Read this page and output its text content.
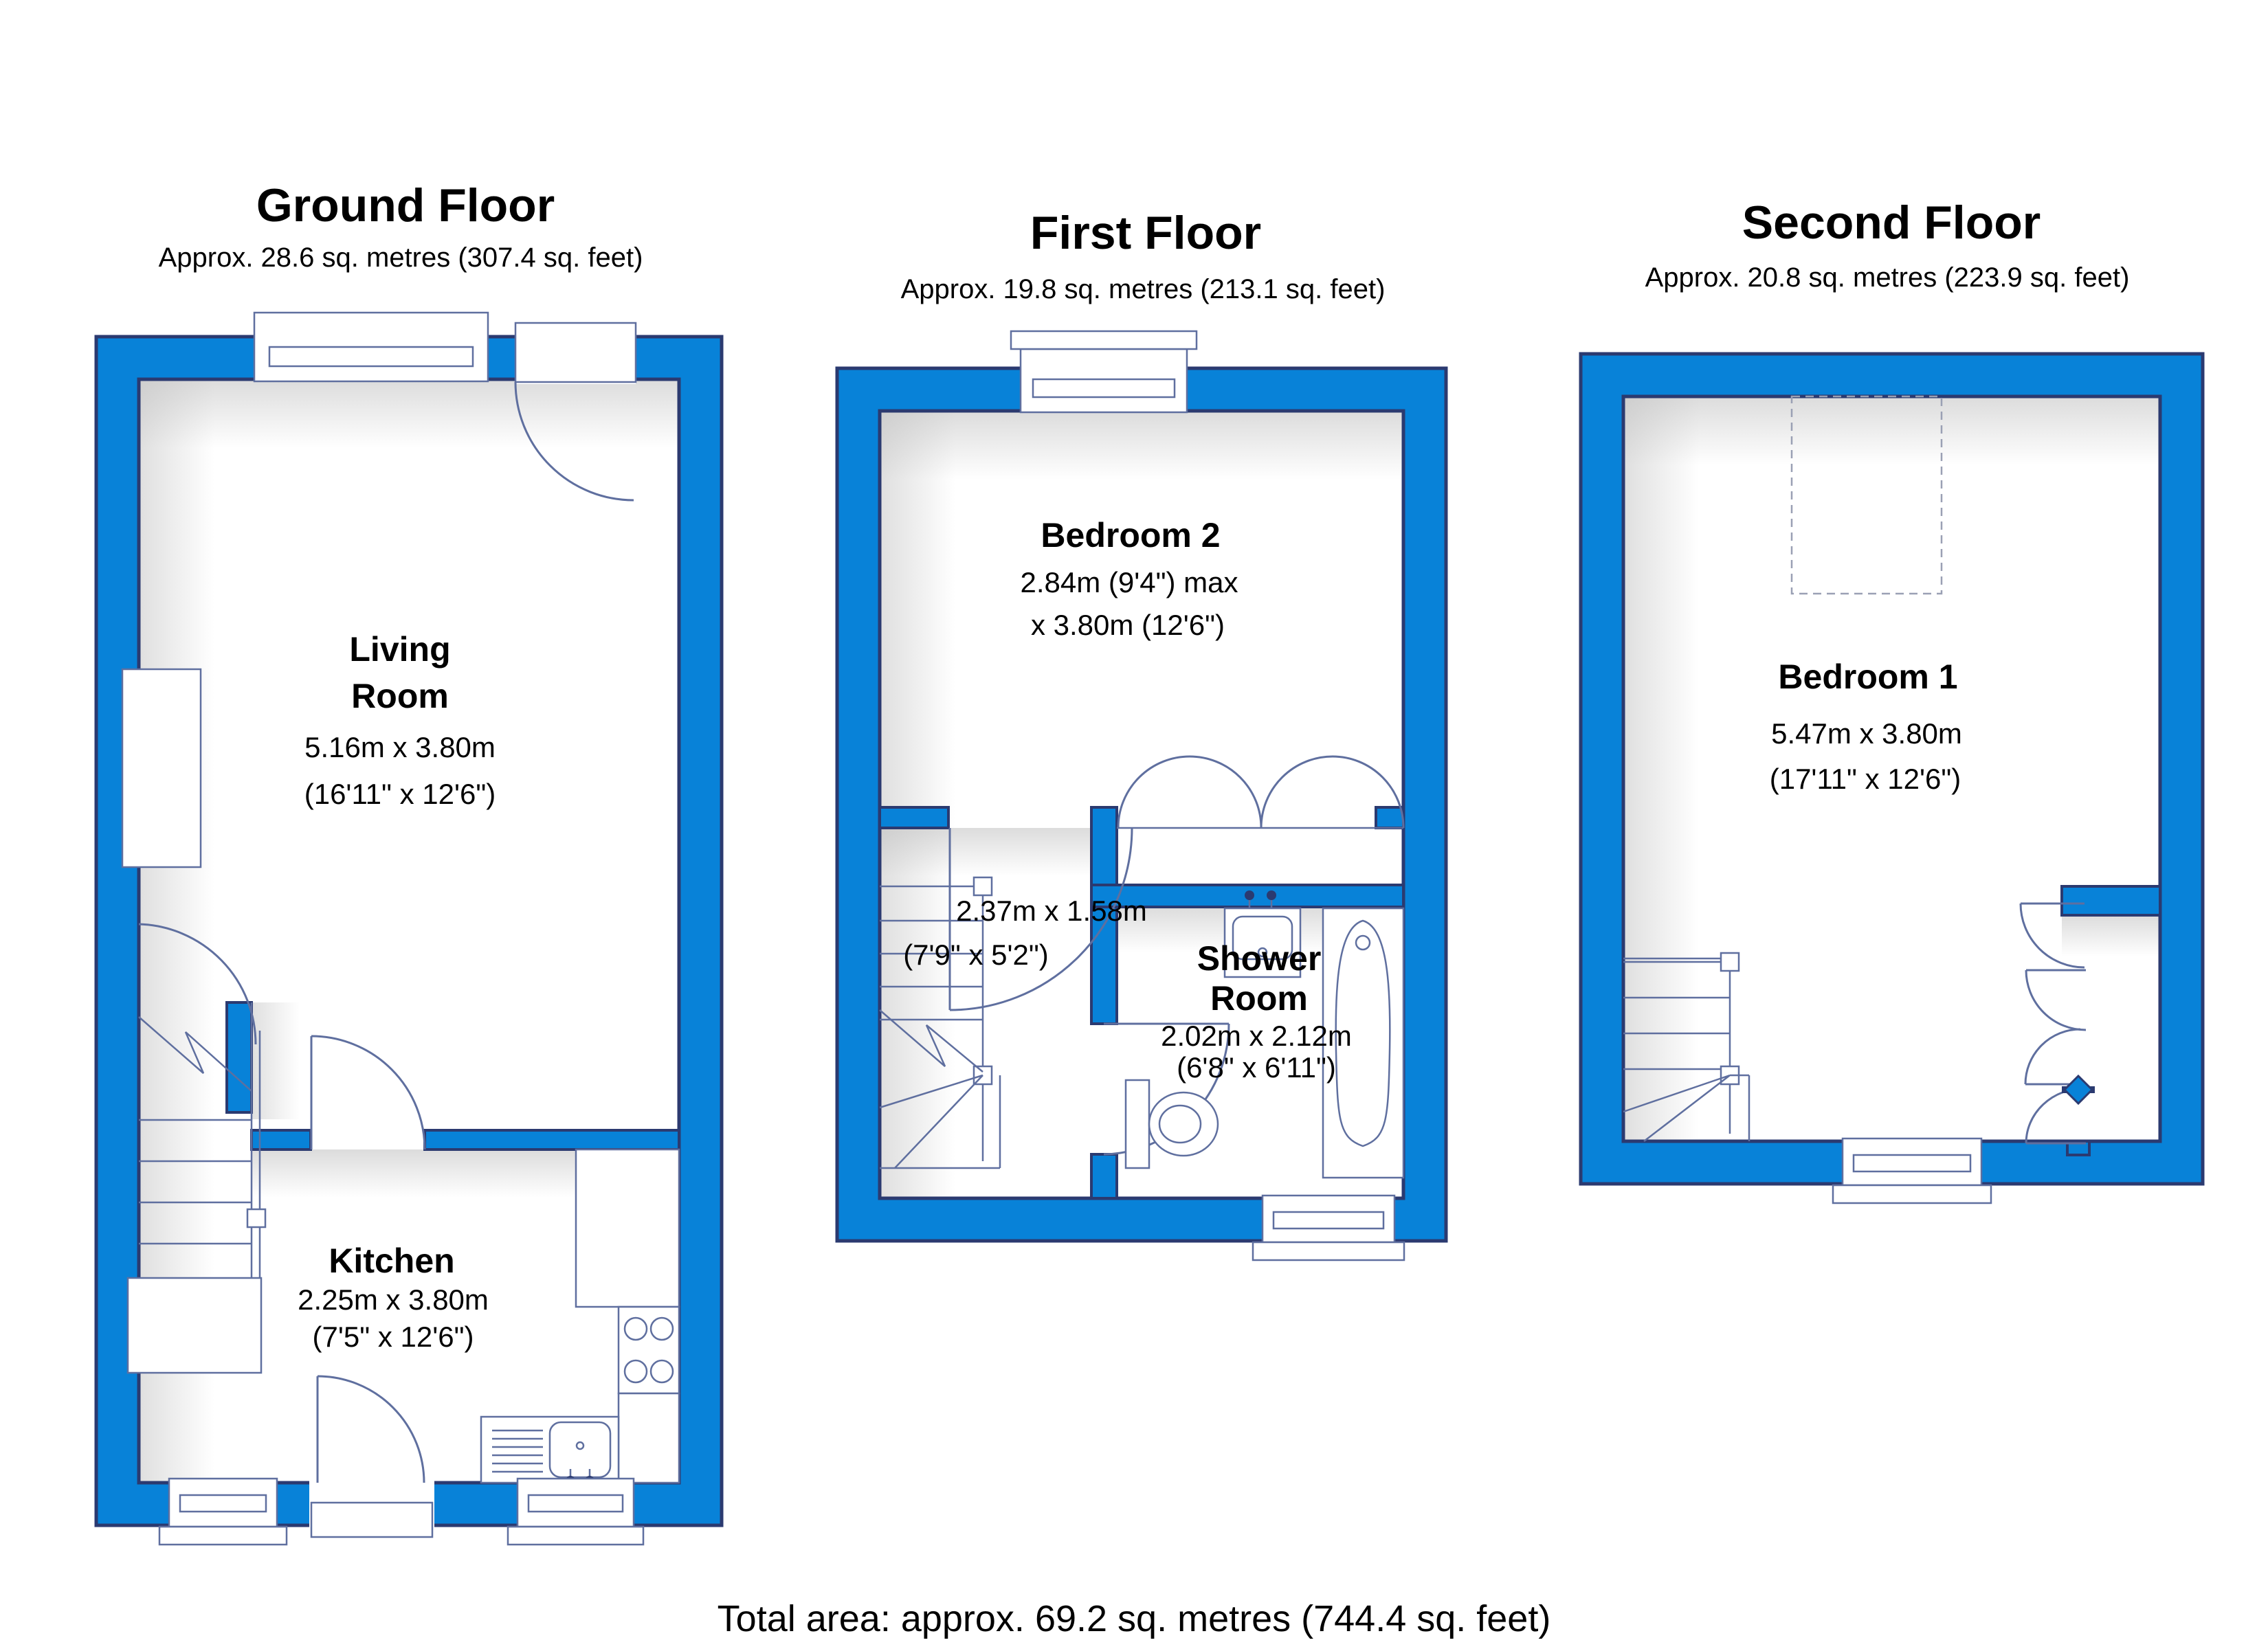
Ground Floor
Approx. 28.6 sq. metres (307.4 sq. feet)
Living
Room
5.16m x 3.80m
(16'11" x 12'6")
Kitchen
2.25m x 3.80m
(7'5" x 12'6")
First Floor
Approx. 19.8 sq. metres (213.1 sq. feet)
Bedroom 2
2.84m (9'4") max
x 3.80m (12'6")
2.37m x 1.58m
(7'9" x 5'2")	Shower
Room
2.02m x 2.12m
(6'8" x 6'11")
Second Floor
Approx. 20.8 sq. metres (223.9 sq. feet)
Bedroom 1
5.47m x 3.80m
(17'11" x 12'6")
Total area: approx. 69.2 sq. metres (744.4 sq. feet)
